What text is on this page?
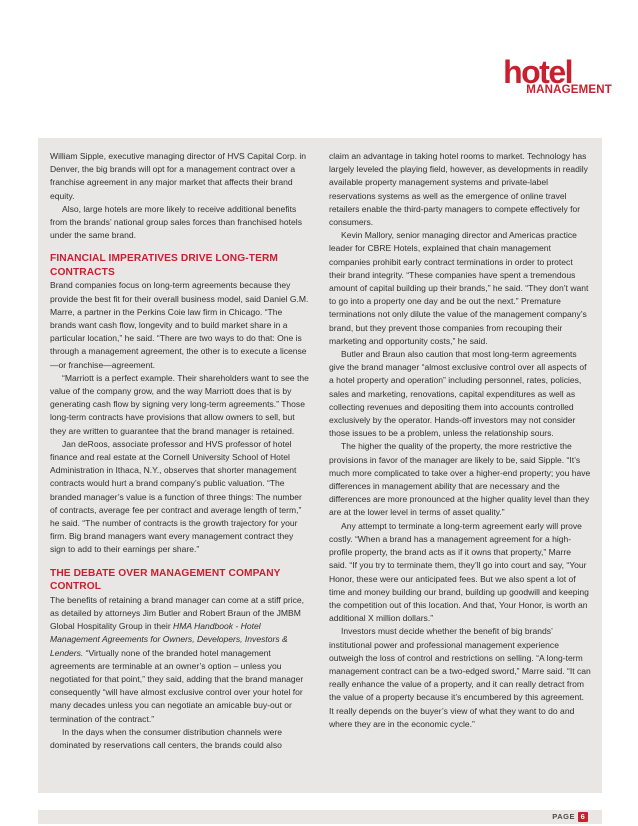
hotel
MANAGEMENT

William Sipple, executive managing director of HVS Capital Corp. in Denver, the big brands will opt for a management contract over a franchise agreement in any major market that affects their brand equity.

Also, large hotels are more likely to receive additional benefits from the brands’ national group sales forces than franchised hotels under the same brand.

FINANCIAL IMPERATIVES DRIVE LONG-TERM CONTRACTS

Brand companies focus on long-term agreements because they provide the best fit for their overall business model, said Daniel G.M. Marre, a partner in the Perkins Coie law firm in Chicago. “The brands want cash flow, longevity and to build market share in a particular location,” he said. “There are two ways to do that: One is through a management agreement, the other is to execute a license—or franchise—agreement.

“Marriott is a perfect example. Their shareholders want to see the value of the company grow, and the way Marriott does that is by generating cash flow by signing very long-term agreements.” Those long-term contracts have provisions that allow owners to sell, but they are written to guarantee that the brand manager is retained.

Jan deRoos, associate professor and HVS professor of hotel finance and real estate at the Cornell University School of Hotel Administration in Ithaca, N.Y., observes that shorter management contracts would hurt a brand company’s public valuation. “The branded manager’s value is a function of three things: The number of contracts, average fee per contract and average length of term,” he said. “The number of contracts is the growth trajectory for your firm. Big brand managers want every management contract they sign to add to their earnings per share.”

THE DEBATE OVER MANAGEMENT COMPANY CONTROL

The benefits of retaining a brand manager can come at a stiff price, as detailed by attorneys Jim Butler and Robert Braun of the JMBM Global Hospitality Group in their HMA Handbook - Hotel Management Agreements for Owners, Developers, Investors & Lenders. “Virtually none of the branded hotel management agreements are terminable at an owner’s option – unless you negotiated for that point,” they said, adding that the brand manager consequently “will have almost exclusive control over your hotel for many decades unless you can negotiate an amicable buy-out or termination of the contract.”

In the days when the consumer distribution channels were dominated by reservations call centers, the brands could also

claim an advantage in taking hotel rooms to market. Technology has largely leveled the playing field, however, as developments in readily available property management systems and private-label reservations systems as well as the emergence of online travel retailers enable the third-party managers to compete effectively for consumers.

Kevin Mallory, senior managing director and Americas practice leader for CBRE Hotels, explained that chain management companies prohibit early contract terminations in order to protect their brand integrity. “These companies have spent a tremendous amount of capital building up their brands,” he said. “They don’t want to go into a property one day and be out the next.” Premature terminations not only dilute the value of the management company’s brand, but they prevent those companies from recouping their marketing and opportunity costs,” he said.

Butler and Braun also caution that most long-term agreements give the brand manager “almost exclusive control over all aspects of a hotel property and operation” including personnel, rates, policies, sales and marketing, renovations, capital expenditures as well as collecting revenues and depositing them into accounts controlled exclusively by the operator. Hands-off investors may not consider those issues to be a problem, unless the relationship sours.

The higher the quality of the property, the more restrictive the provisions in favor of the manager are likely to be, said Sipple. “It’s much more complicated to take over a higher-end property; you have differences in management ability that are necessary and the differences are more pronounced at the higher quality level than they are at the lower level in terms of asset quality.”

Any attempt to terminate a long-term agreement early will prove costly. “When a brand has a management agreement for a high-profile property, the brand acts as if it owns that property,” Marre said. “If you try to terminate them, they’ll go into court and say, “Your Honor, these were our anticipated fees. But we also spent a lot of time and money building our brand, building up goodwill and keeping the competition out of this location. And that, Your Honor, is worth an additional X million dollars.”

Investors must decide whether the benefit of big brands’ institutional power and professional management experience outweigh the loss of control and restrictions on selling. “A long-term management contract can be a two-edged sword,” Marre said. “It can really enhance the value of a property, and it can really detract from the value of a property because it’s encumbered by this agreement. It really depends on the buyer’s view of what they want to do and where they are in the economic cycle.”

PAGE 6
